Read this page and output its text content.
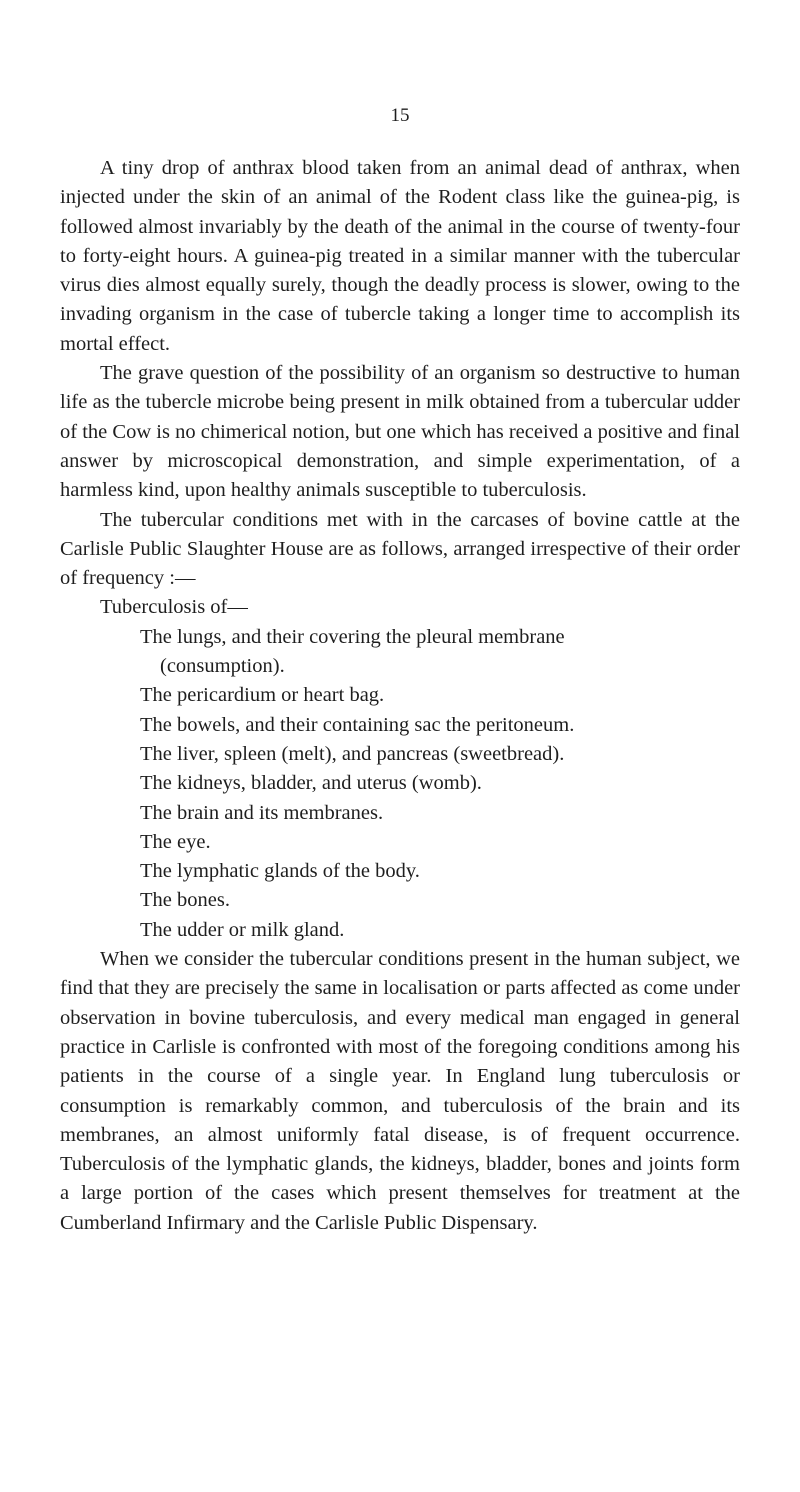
15

A tiny drop of anthrax blood taken from an animal dead of anthrax, when injected under the skin of an animal of the Rodent class like the guinea-pig, is followed almost invariably by the death of the animal in the course of twenty-four to forty-eight hours. A guinea-pig treated in a similar manner with the tubercular virus dies almost equally surely, though the deadly process is slower, owing to the invading organism in the case of tubercle taking a longer time to accomplish its mortal effect.

The grave question of the possibility of an organism so destructive to human life as the tubercle microbe being present in milk obtained from a tubercular udder of the Cow is no chimerical notion, but one which has received a positive and final answer by microscopical demonstration, and simple experimentation, of a harmless kind, upon healthy animals susceptible to tuberculosis.

The tubercular conditions met with in the carcases of bovine cattle at the Carlisle Public Slaughter House are as follows, arranged irrespective of their order of frequency :—

Tuberculosis of—
The lungs, and their covering the pleural membrane
(consumption).
The pericardium or heart bag.
The bowels, and their containing sac the peritoneum.
The liver, spleen (melt), and pancreas (sweetbread).
The kidneys, bladder, and uterus (womb).
The brain and its membranes.
The eye.
The lymphatic glands of the body.
The bones.
The udder or milk gland.

When we consider the tubercular conditions present in the human subject, we find that they are precisely the same in localisation or parts affected as come under observation in bovine tuberculosis, and every medical man engaged in general practice in Carlisle is confronted with most of the foregoing conditions among his patients in the course of a single year. In England lung tuberculosis or consumption is remarkably common, and tuberculosis of the brain and its membranes, an almost uniformly fatal disease, is of frequent occurrence. Tuberculosis of the lymphatic glands, the kidneys, bladder, bones and joints form a large portion of the cases which present themselves for treatment at the Cumberland Infirmary and the Carlisle Public Dispensary.
